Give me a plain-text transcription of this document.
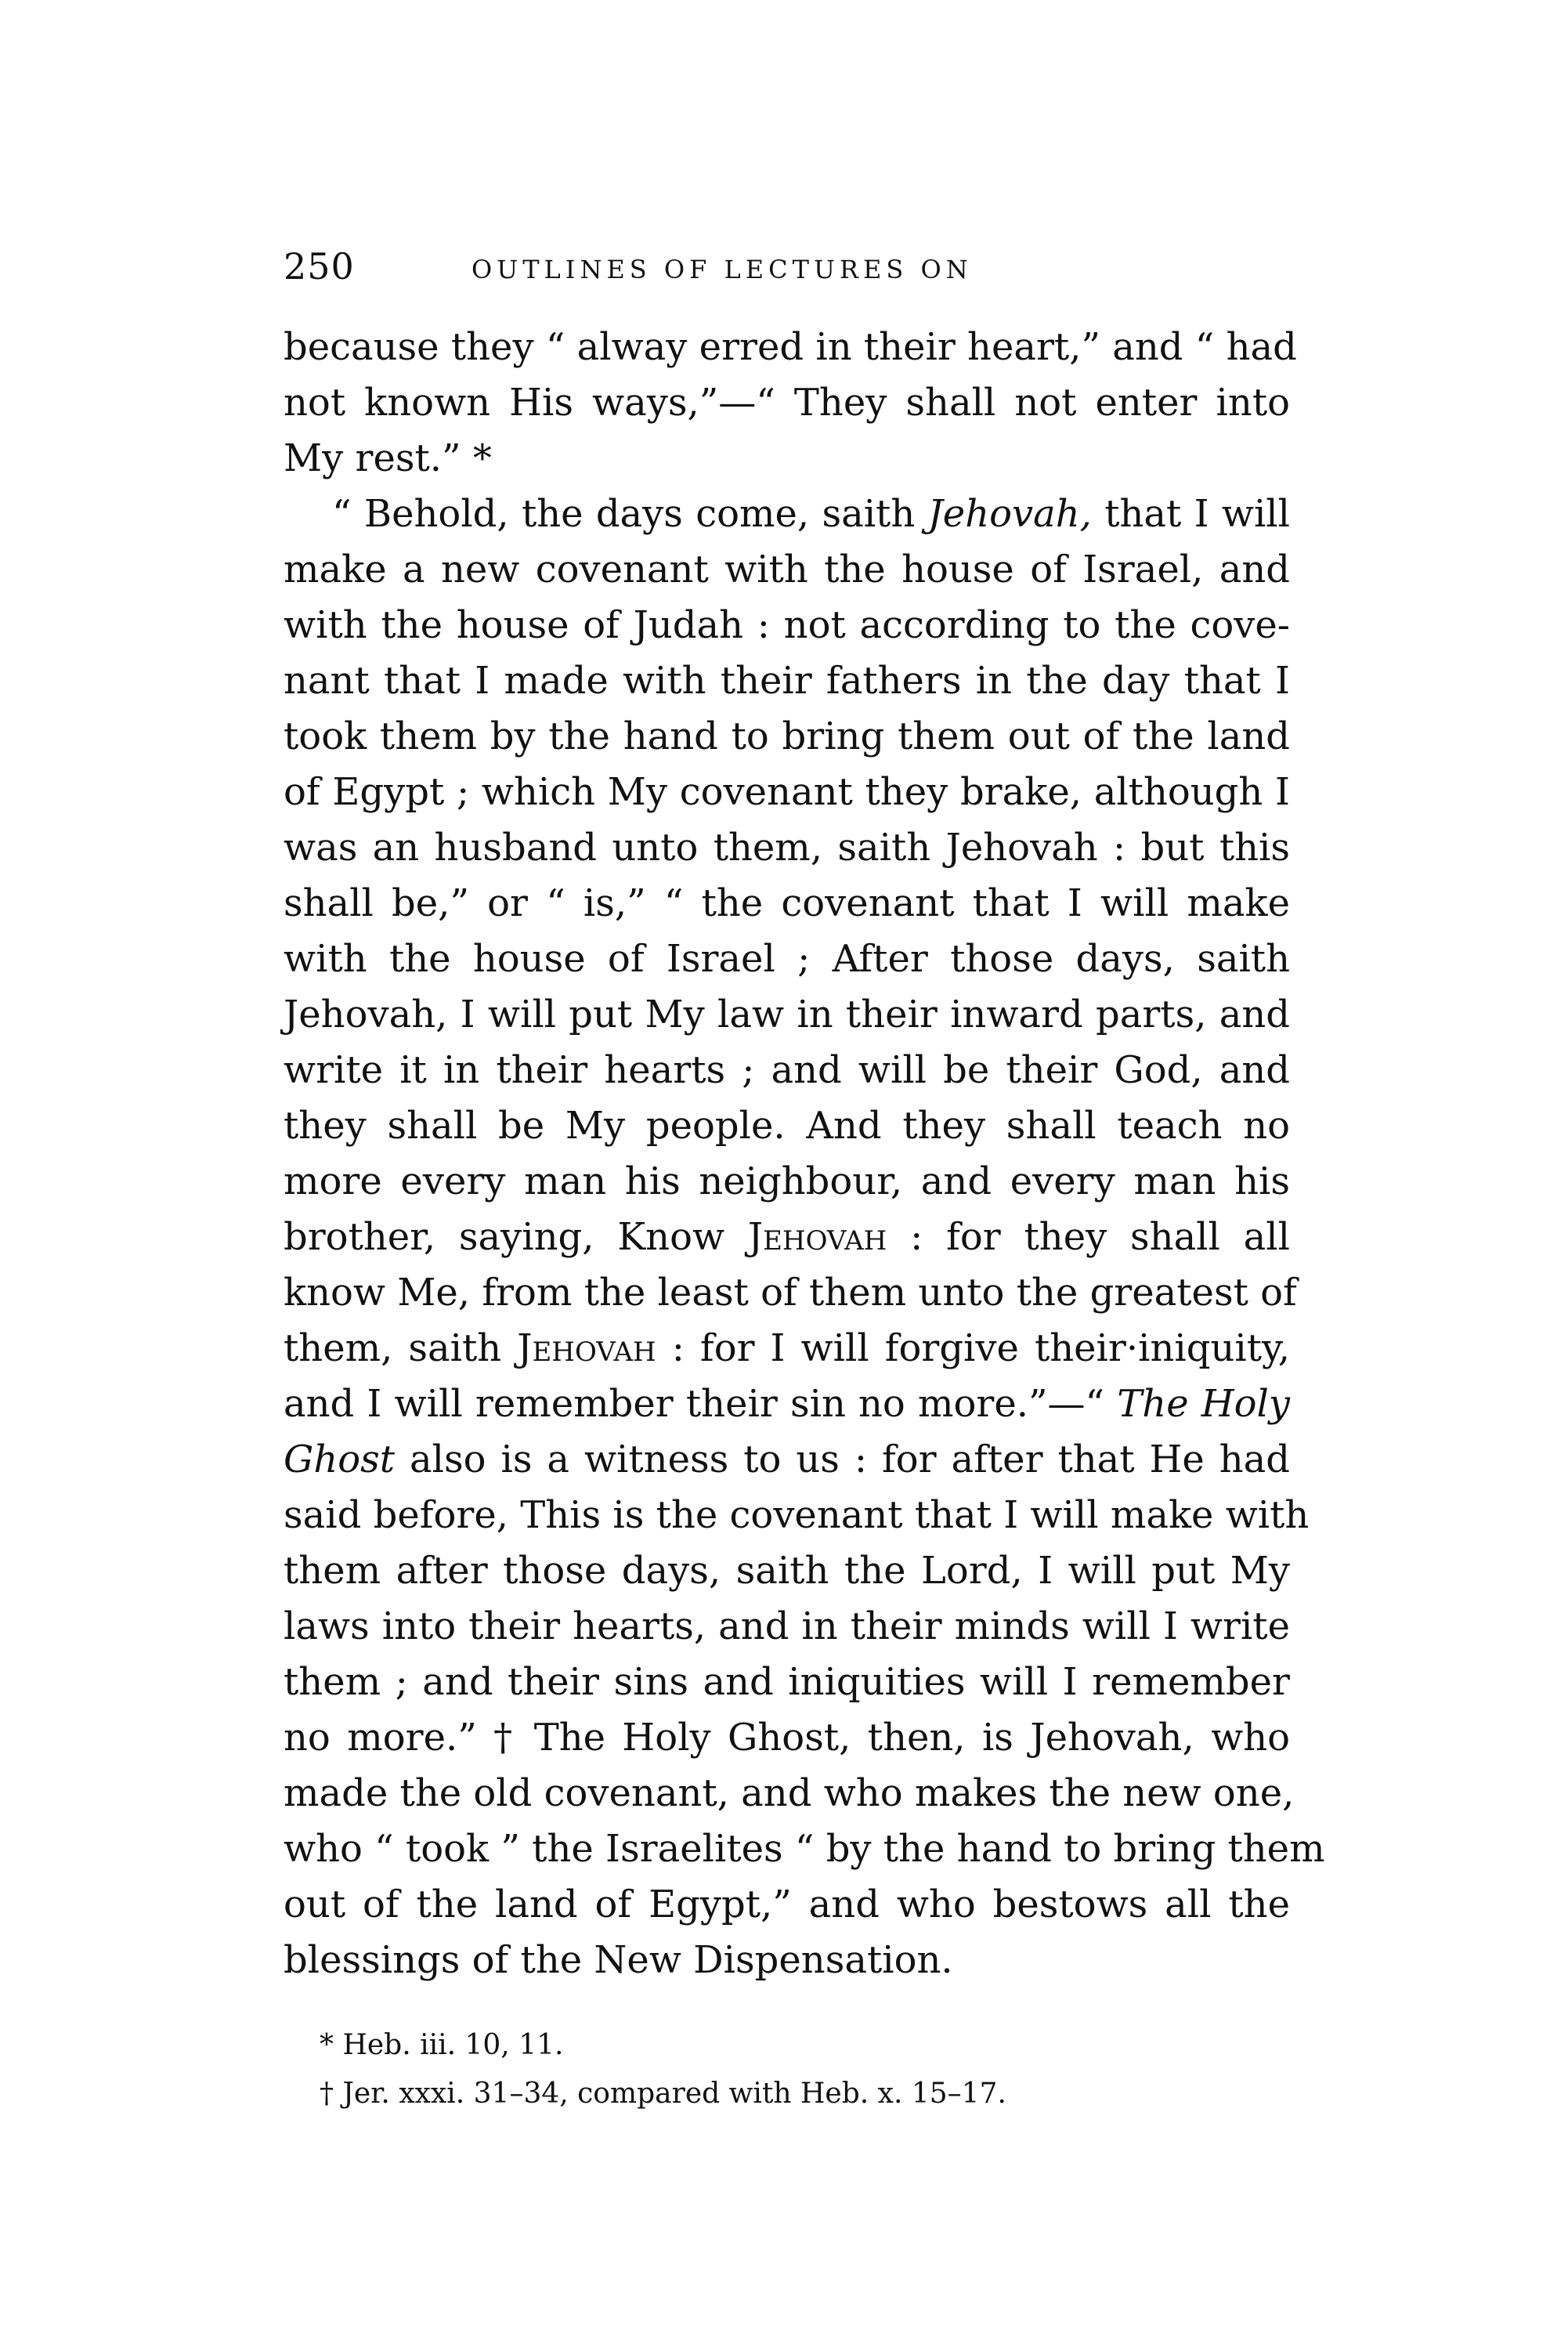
250	OUTLINES OF LECTURES ON
because they “ alway erred in their heart,” and “ had
not known His ways,”—“ They shall not enter into
My rest.” *
“ Behold, the days come, saith Jehovah, that I will
make a new covenant with the house of Israel, and
with the house of Judah : not according to the cove-
nant that I made with their fathers in the day that I
took them by the hand to bring them out of the land
of Egypt ; which My covenant they brake, although I
was an husband unto them, saith Jehovah : but this
shall be,” or “ is,” “ the covenant that I will make
with the house of Israel ; After those days, saith
Jehovah, I will put My law in their inward parts, and
write it in their hearts ; and will be their God, and
they shall be My people. And they shall teach no
more every man his neighbour, and every man his
brother, saying, Know Jehovah : for they shall all
know Me, from the least of them unto the greatest of
them, saith Jehovah : for I will forgive their·iniquity,
and I will remember their sin no more.”—“ The Holy
Ghost also is a witness to us : for after that He had
said before, This is the covenant that I will make with
them after those days, saith the Lord, I will put My
laws into their hearts, and in their minds will I write
them ; and their sins and iniquities will I remember
no more.” † The Holy Ghost, then, is Jehovah, who
made the old covenant, and who makes the new one,
who “ took ” the Israelites “ by the hand to bring them
out of the land of Egypt,” and who bestows all the
blessings of the New Dispensation.
* Heb. iii. 10, 11.
† Jer. xxxi. 31–34, compared with Heb. x. 15–17.
